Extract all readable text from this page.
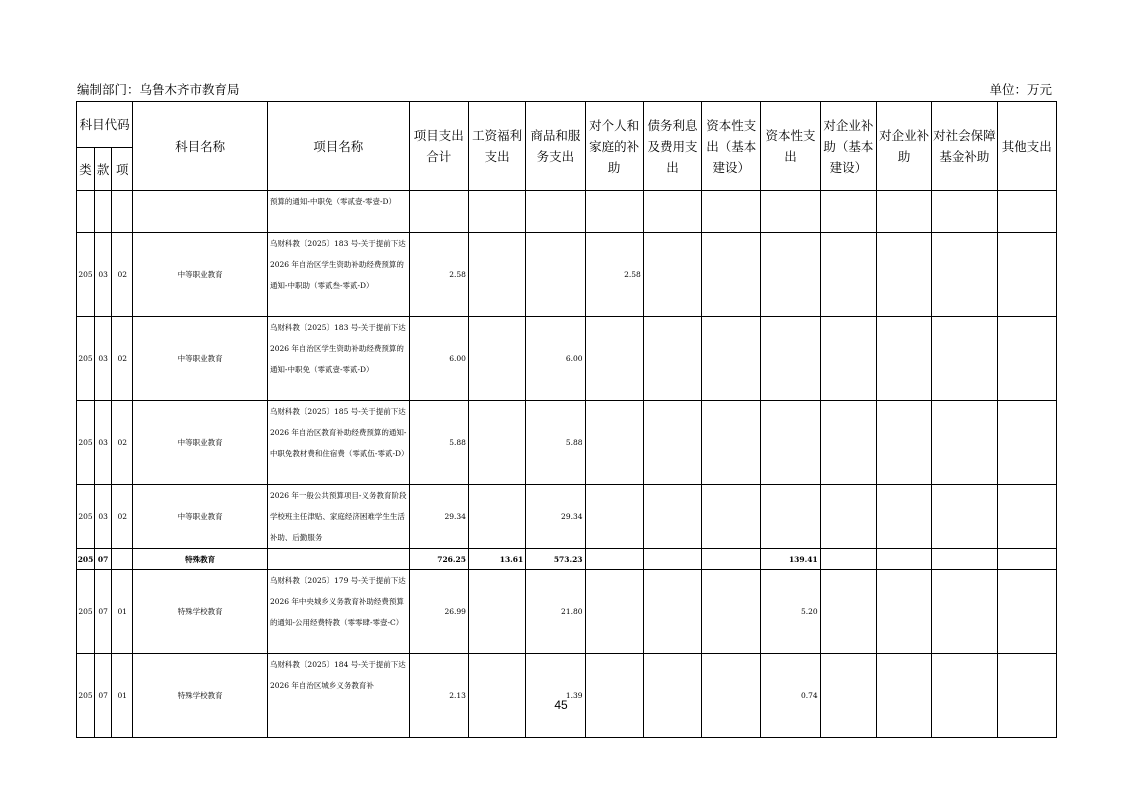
编制部门：乌鲁木齐市教育局	单位：万元
科目代码			科目名称	项目名称	项目支出合计	工资福利支出	商品和服务支出	对个人和家庭的补助	债务利息及费用支出	资本性支出（基本建设）	资本性支出	对企业补助（基本建设）	对企业补助	对社会保障基金补助	其他支出
类	款	项													
				预算的通知-中职免（零贰壹-零壹-D）											
205	03	02	中等职业教育	乌财科教〔2025〕183 号-关于提前下达 2026 年自治区学生资助补助经费预算的通知-中职助（零贰叁-零贰-D）	2.58			2.58							
205	03	02	中等职业教育	乌财科教〔2025〕183 号-关于提前下达 2026 年自治区学生资助补助经费预算的通知-中职免（零贰壹-零贰-D）	6.00		6.00								
205	03	02	中等职业教育	乌财科教〔2025〕185 号-关于提前下达 2026 年自治区教育补助经费预算的通知-中职免教材费和住宿费（零贰伍-零贰-D）	5.88		5.88								
205	03	02	中等职业教育	2026 年一般公共预算项目-义务教育阶段学校班主任津贴、家庭经济困难学生生活补助、后勤服务	29.34		29.34								
205	07		特殊教育		726.25	13.61	573.23				139.41				
205	07	01	特殊学校教育	乌财科教〔2025〕179 号-关于提前下达 2026 年中央城乡义务教育补助经费预算的通知-公用经费特教（零零肆-零壹-C）	26.99		21.80				5.20				
205	07	01	特殊学校教育	乌财科教〔2025〕184 号-关于提前下达 2026 年自治区城乡义务教育补	2.13		1.39				0.74				
45
